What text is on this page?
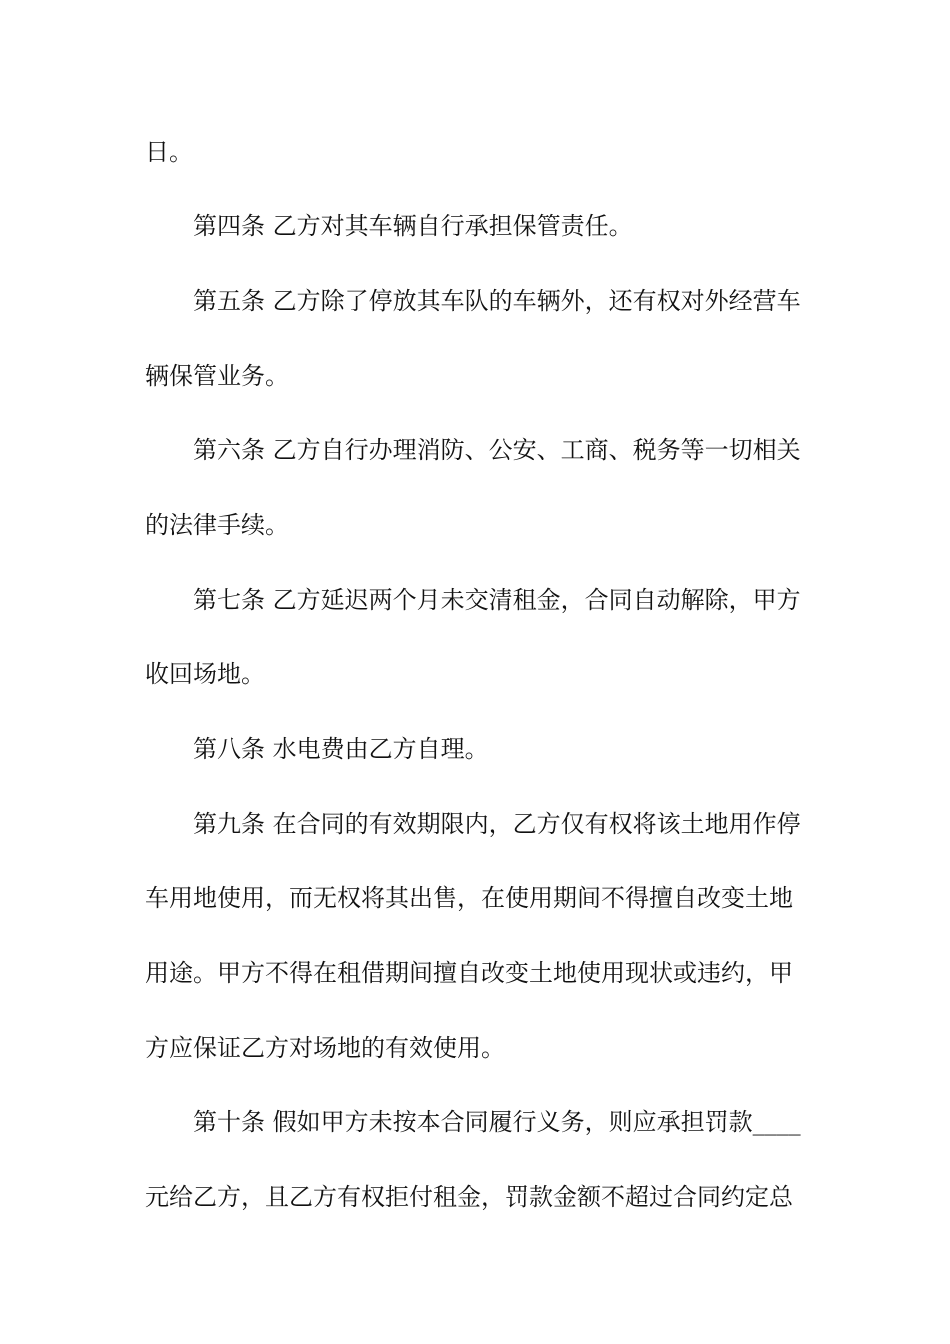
日。
第四条 乙方对其车辆自行承担保管责任。
第五条 乙方除了停放其车队的车辆外，还有权对外经营车
辆保管业务。
第六条 乙方自行办理消防、公安、工商、税务等一切相关
的法律手续。
第七条 乙方延迟两个月未交清租金，合同自动解除，甲方
收回场地。
第八条 水电费由乙方自理。
第九条 在合同的有效期限内，乙方仅有权将该土地用作停
车用地使用，而无权将其出售，在使用期间不得擅自改变土地
用途。甲方不得在租借期间擅自改变土地使用现状或违约，甲
方应保证乙方对场地的有效使用。
第十条 假如甲方未按本合同履行义务，则应承担罚款____
元给乙方，且乙方有权拒付租金，罚款金额不超过合同约定总
